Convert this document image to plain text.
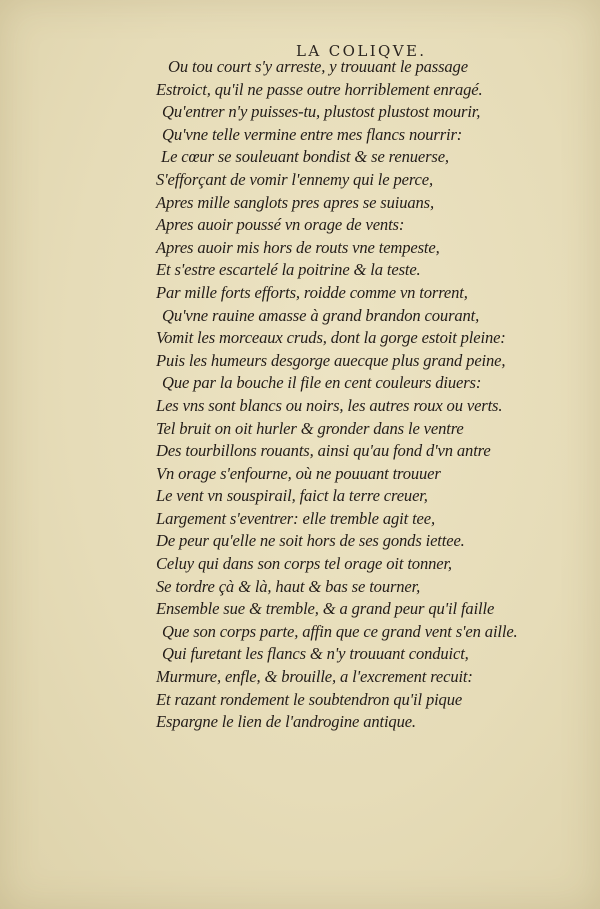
LA COLIQVE.
Ou tou court s'y arreste, y trouuant le passage
Estroict, qu'il ne passe outre horriblement enragé.
Qu'entrer n'y puisses-tu, plustost plustost mourir,
Qu'vne telle vermine entre mes flancs nourrir:
Le cœur se souleuant bondist & se renuerse,
S'efforçant de vomir l'ennemy qui le perce,
Apres mille sanglots pres apres se suiuans,
Apres auoir poussé vn orage de vents:
Apres auoir mis hors de routs vne tempeste,
Et s'estre escartelé la poitrine & la teste.
Par mille forts efforts, roidde comme vn torrent,
Qu'vne rauine amasse à grand brandon courant,
Vomit les morceaux cruds, dont la gorge estoit pleine:
Puis les humeurs desgorge auecque plus grand peine,
Que par la bouche il file en cent couleurs diuers:
Les vns sont blancs ou noirs, les autres roux ou verts.
Tel bruit on oit hurler & gronder dans le ventre
Des tourbillons rouants, ainsi qu'au fond d'vn antre
Vn orage s'enfourne, où ne pouuant trouuer
Le vent vn souspirail, faict la terre creuer,
Largement s'eventrer: elle tremble agit tee,
De peur qu'elle ne soit hors de ses gonds iettee.
Celuy qui dans son corps tel orage oit tonner,
Se tordre çà & là, haut & bas se tourner,
Ensemble sue & tremble, & a grand peur qu'il faille
Que son corps parte, affin que ce grand vent s'en aille.
Qui furetant les flancs & n'y trouuant conduict,
Murmure, enfle, & brouille, a l'excrement recuit:
Et razant rondement le soubtendron qu'il pique
Espargne le lien de l'androgine antique.
